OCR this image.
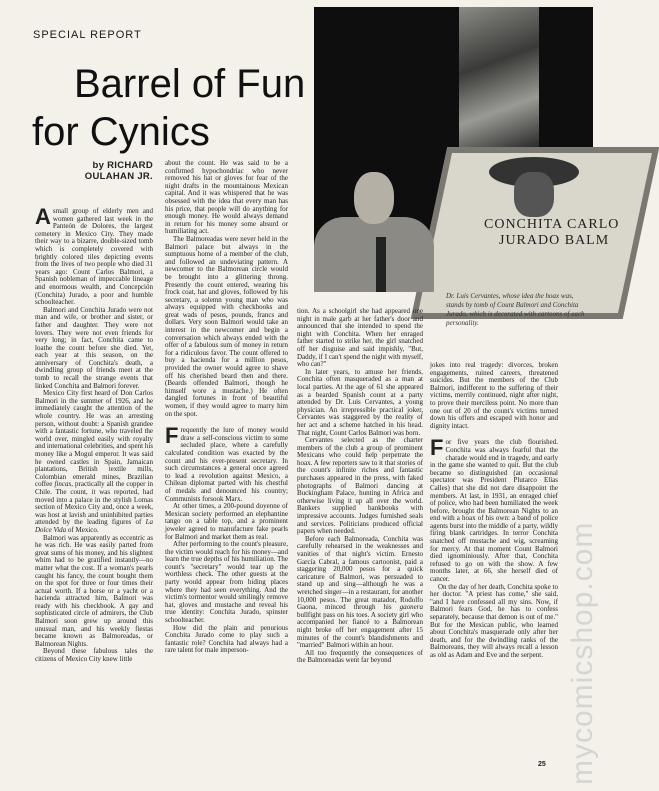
SPECIAL REPORT
Barrel of Fun
for Cynics
by RICHARD
OULAHAN JR.
CONCHITA CARLO
JURADO BALM
Dr. Luis Cervantes, whose idea the hoax was, stands by tomb of Count Balmori and Conchita Jurado, which is decorated with cartoons of each personality.

Asmall group of elderly men and women gathered last week in the Panteón de Dolores, the largest cemetery in Mexico City. They made their way to a bizarre, double-sized tomb which is completely covered with brightly colored tiles depicting events from the lives of two people who died 31 years ago: Count Carlos Balmori, a Spanish nobleman of impeccable lineage and enormous wealth, and Concepción (Conchita) Jurado, a poor and humble schoolteacher.

Balmori and Conchita Jurado were not man and wife, or brother and sister, or father and daughter. They were not lovers. They were not even friends for very long; in fact, Conchita came to loathe the count before she died. Yet, each year at this season, on the anniversary of Conchita's death, a dwindling group of friends meet at the tomb to recall the strange events that linked Conchita and Balmori forever.

Mexico City first heard of Don Carlos Balmori in the summer of 1926, and he immediately caught the attention of the whole country. He was an arresting person, without doubt: a Spanish grandee with a fantastic fortune, who traveled the world over, mingled easily with royalty and international celebrities, and spent his money like a Mogul emperor. It was said he owned castles in Spain, Jamaican plantations, British textile mills, Colombian emerald mines, Brazilian coffee fincas, practically all the copper in Chile. The count, it was reported, had moved into a palace in the stylish Lomas section of Mexico City and, once a week, was host at lavish and uninhibited parties attended by the leading figures of La Dolce Vida of Mexico.

Balmori was apparently as eccentric as he was rich. He was easily parted from great sums of his money, and his slightest whim had to be gratified instantly—no matter what the cost. If a woman's pearls caught his fancy, the count bought them on the spot for three or four times their actual worth. If a horse or a yacht or a hacienda attracted him, Balmori was ready with his checkbook. A gay and sophisticated circle of admirers, the Club Balmori soon grew up around this unusual man, and his weekly fiestas became known as Balmoreadas, or Balmorean Nights.

Beyond these fabulous tales the citizens of Mexico City knew little

about the count. He was said to be a confirmed hypochondriac who never removed his hat or gloves for fear of the night drafts in the mountainous Mexican capital. And it was whispered that he was obsessed with the idea that every man has his price, that people will do anything for enough money. He would always demand in return for his money some absurd or humiliating act.

The Balmoreadas were never held in the Balmori palace but always in the sumptuous home of a member of the club, and followed an undeviating pattern. A newcomer to the Balmorean circle would be brought into a glittering throng. Presently the count entered, wearing his frock coat, hat and gloves, followed by his secretary, a solemn young man who was always equipped with checkbooks and great wads of pesos, pounds, francs and dollars. Very soon Balmori would take an interest in the newcomer and begin a conversation which always ended with the offer of a fabulous sum of money in return for a ridiculous favor. The count offered to buy a hacienda for a million pesos, provided the owner would agree to shave off his cherished beard then and there. (Beards offended Balmori, though he himself wore a mustache.) He often dangled fortunes in front of beautiful women, if they would agree to marry him on the spot.

Frequently the lure of money would draw a self-conscious victim to some secluded place, where a carefully calculated condition was exacted by the count and his ever-present secretary. In such circumstances a general once agreed to lead a revolution against Mexico, a Chilean diplomat parted with his chestful of medals and denounced his country; Communists forsook Marx.

At other times, a 200-pound doyenne of Mexican society performed an elephantine tango on a table top, and a prominent jeweler agreed to manufacture fake pearls for Balmori and market them as real.

After performing to the count's pleasure, the victim would reach for his money—and learn the true depths of his humiliation. The count's "secretary" would tear up the worthless check. The other guests at the party would appear from hiding places where they had seen everything. And the victim's tormentor would smilingly remove hat, gloves and mustache and reveal his true identity: Conchita Jurado, spinster schoolteacher.

How did the plain and penurious Conchita Jurado come to play such a fantastic role? Conchita had always had a rare talent for male imperson-

tion. As a schoolgirl she had appeared one night in male garb at her father's door and announced that she intended to spend the night with Conchita. When her enraged father started to strike her, the girl snatched off her disguise and said impishly, "But, Daddy, if I can't spend the night with myself, who can?"

In later years, to amuse her friends, Conchita often masqueraded as a man at local parties. At the age of 61 she appeared as a bearded Spanish count at a party attended by Dr. Luis Cervantes, a young physician. An irrepressible practical joker, Cervantes was staggered by the reality of her act and a scheme hatched in his head. That night, Count Carlos Balmori was born.

Cervantes selected as the charter members of the club a group of prominent Mexicans who could help perpetrate the hoax. A few reporters saw to it that stories of the count's infinite riches and fantastic purchases appeared in the press, with faked photographs of Balmori dancing at Buckingham Palace, hunting in Africa and otherwise living it up all over the world. Bankers supplied bankbooks with impressive accounts. Judges furnished seals and services. Politicians produced official papers when needed.

Before each Balmoreada, Conchita was carefully rehearsed in the weaknesses and vanities of that night's victim. Ernesto García Cabral, a famous cartoonist, paid a staggering 20,000 pesos for a quick caricature of Balmori, was persuaded to stand up and sing—although he was a wretched singer—in a restaurant, for another 10,000 pesos. The great matador, Rodolfo Gaona, minced through his gaonera bullfight pass on his toes. A society girl who accompanied her fiancé to a Balmorean night broke off her engagement after 15 minutes of the count's blandishments and "married" Balmori within an hour.

All too frequently the consequences of the Balmoreadas went far beyond

jokes into real tragedy: divorces, broken engagements, ruined careers, threatened suicides. But the members of the Club Balmori, indifferent to the suffering of their victims, merrily continued, night after night, to prove their merciless point. No more than one out of 20 of the count's victims turned down his offers and escaped with honor and dignity intact.

For five years the club flourished. Conchita was always fearful that the charade would end in tragedy, and early in the game she wanted to quit. But the club became so distinguished (an occasional spectator was President Plutarco Elías Calles) that she did not dare disappoint the members. At last, in 1931, an enraged chief of police, who had been humiliated the week before, brought the Balmorean Nights to an end with a hoax of his own: a band of police agents burst into the middle of a party, wildly firing blank cartridges. In terror Conchita snatched off mustache and wig, screaming for mercy. At that moment Count Balmori died ignominiously. After that, Conchita refused to go on with the show. A few months later, at 66, she herself died of cancer.

On the day of her death, Conchita spoke to her doctor. "A priest has come," she said, "and I have confessed all my sins. Now, if Balmori fears God, he has to confess separately, because that demon is out of me." But for the Mexican public, who learned about Conchita's masquerade only after her death, and for the dwindling ranks of the Balmoreans, they will always recall a lesson as old as Adam and Eve and the serpent.

25 mycomicshop.com
